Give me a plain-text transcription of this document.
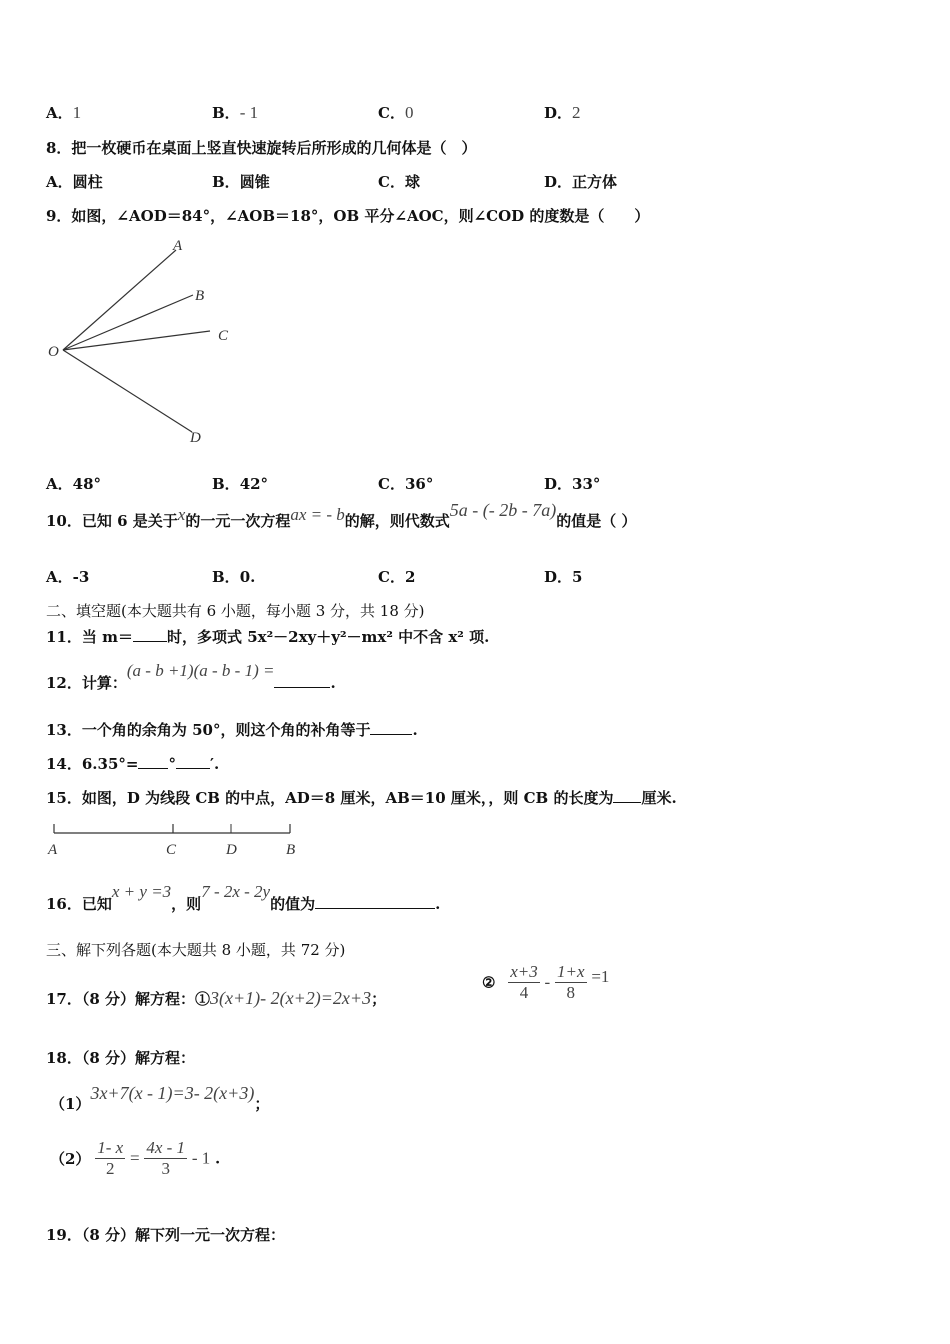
A．1	B．- 1	C．0	D．2
8．把一枚硬币在桌面上竖直快速旋转后所形成的几何体是（　）
A．圆柱	B．圆锥	C．球	D．正方体
9．如图，∠AOD＝84°，∠AOB＝18°，OB 平分∠AOC，则∠COD 的度数是（　　）
O
A
B
C
D
A．48°	B．42°	C．36°	D．33°
10．已知 6 是关于x的一元一次方程ax = - b的解，则代数式5a - (- 2b - 7a)的值是（ ）
A．-3	B．0.	C．2	D．5
二、填空题(本大题共有 6 小题，每小题 3 分，共 18 分)
11．当 m＝ 时，多项式 5x²－2xy＋y²－mx² 中不含 x² 项.
12．计算：(a - b +1)(a - b - 1) =.
13．一个角的余角为 50°，则这个角的补角等于	.
14．6.35°= ° ′.
15．如图，D 为线段 CB 的中点，AD＝8 厘米，AB＝10 厘米，，则 CB 的长度为 厘米.
A	C	D	B
16．已知x + y =3，则7 - 2x - 2y的值为	.
三、解下列各题(本大题共 8 小题，共 72 分)
17．（8 分）解方程：①3(x+1)- 2(x+2)=2x+3；
② $\frac{x+3}{4} - \frac{1+x}{8} =1$
18．（8 分）解方程：
（1）3x+7(x - 1)=3- 2(x+3)；
$(2) \frac{1- x}{2} = \frac{4x - 1}{3} - 1$ .
19．（8 分）解下列一元一次方程：
